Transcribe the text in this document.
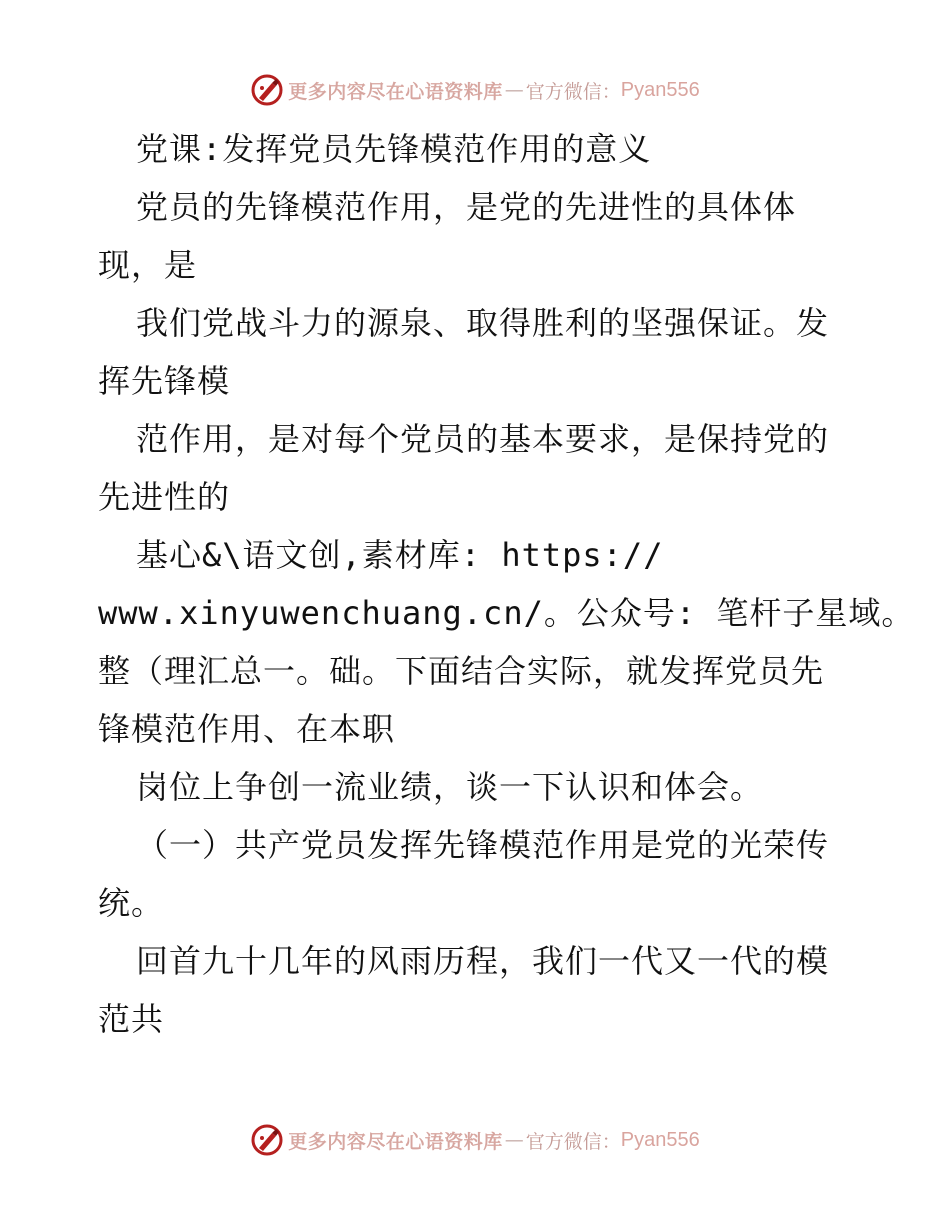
更多内容尽在心语资料库 — 官方微信： Pyan556
党课:发挥党员先锋模范作用的意义
党员的先锋模范作用，是党的先进性的具体体
现，是
我们党战斗力的源泉、取得胜利的坚强保证。发
挥先锋模
范作用，是对每个党员的基本要求，是保持党的
先进性的
基心&\语文创,素材库: https://
www.xinyuwenchuang.cn/。公众号: 笔杆子星域。
整（理汇总一。础。下面结合实际，就发挥党员先
锋模范作用、在本职
岗位上争创一流业绩，谈一下认识和体会。
（一）共产党员发挥先锋模范作用是党的光荣传
统。
回首九十几年的风雨历程，我们一代又一代的模
范共
更多内容尽在心语资料库 — 官方微信： Pyan556
